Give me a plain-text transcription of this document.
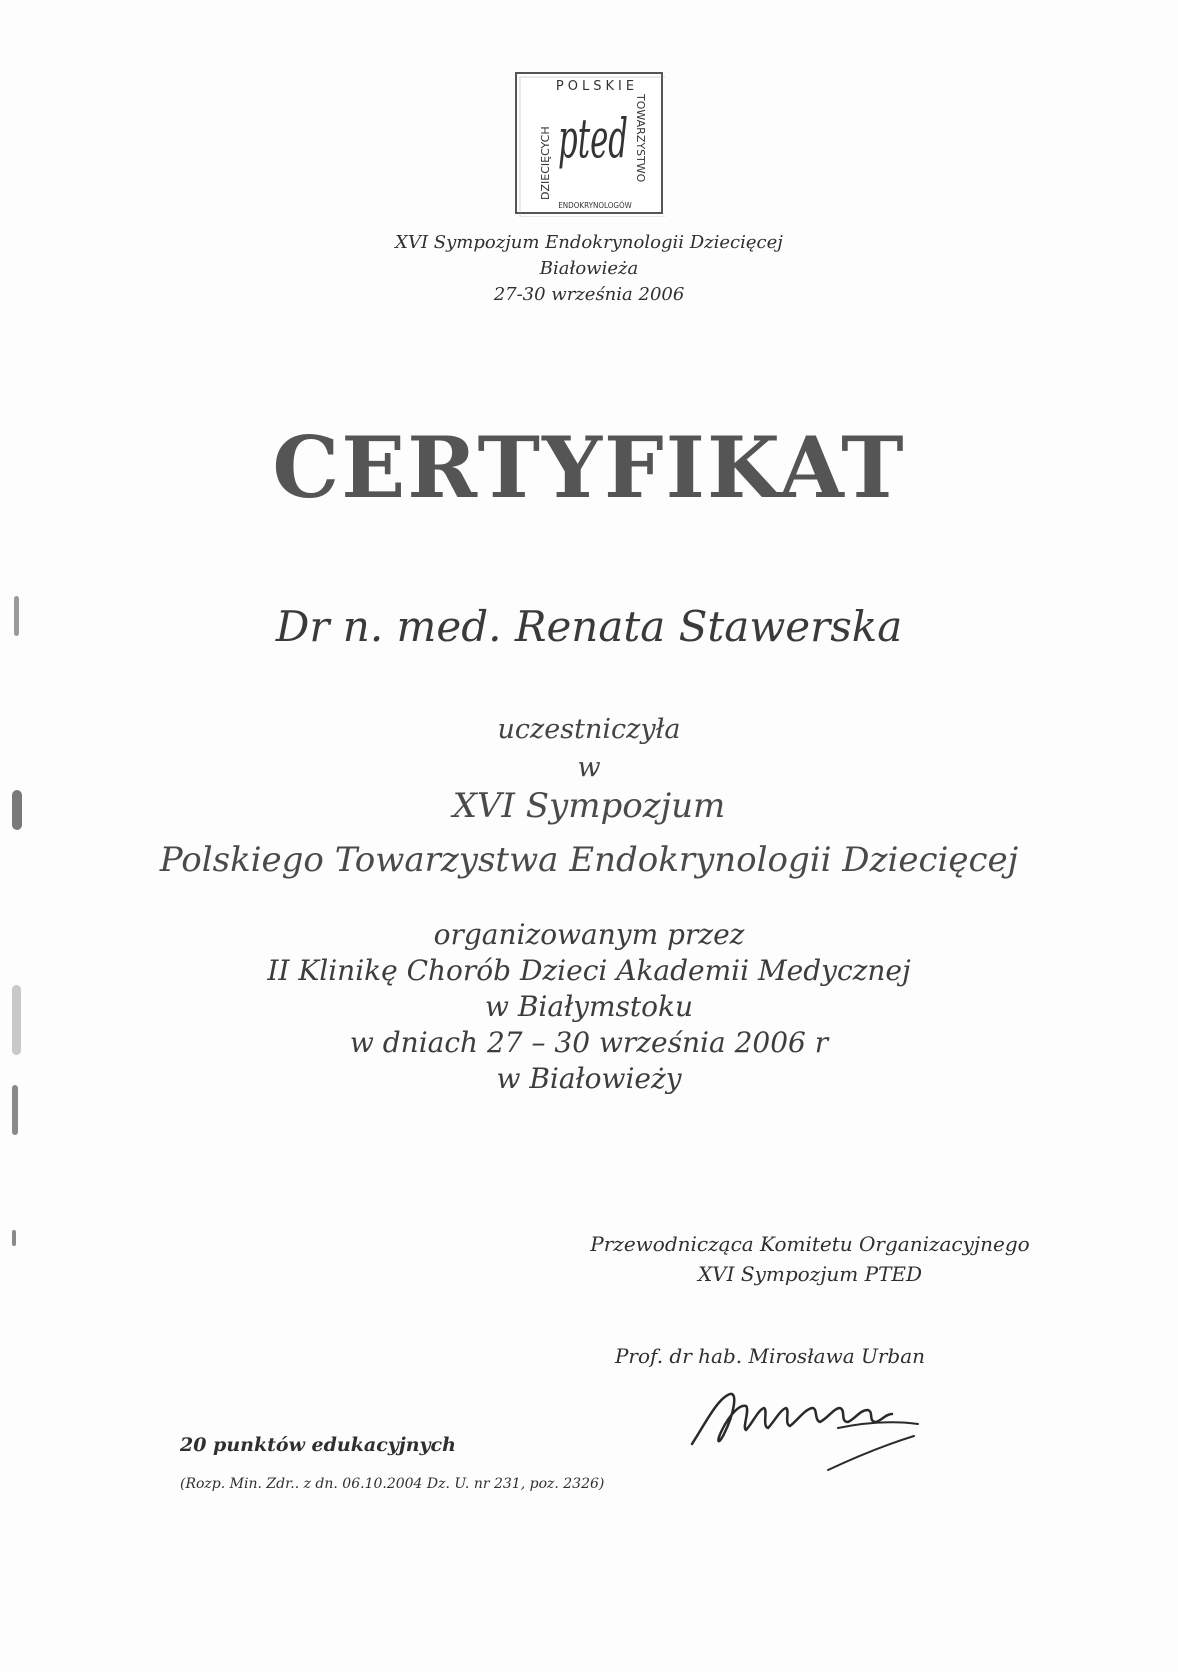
POLSKIE
DZIECIĘCYCH	TOWARZYSTWO
ENDOKRYNOLOGÓW
pted

XVI Sympozjum Endokrynologii Dziecięcej

Białowieża

27-30 września 2006

CERTYFIKAT

Dr n. med. Renata Stawerska

uczestniczyła

w

XVI Sympozjum

Polskiego Towarzystwa Endokrynologii Dziecięcej

organizowanym przez

II Klinikę Chorób Dzieci Akademii Medycznej

w Białymstoku

w dniach 27 – 30 września 2006 r

w Białowieży

Przewodnicząca Komitetu Organizacyjnego

XVI Sympozjum PTED

Prof. dr hab. Mirosława Urban

20 punktów edukacyjnych

(Rozp. Min. Zdr.. z dn. 06.10.2004 Dz. U. nr 231, poz. 2326)
